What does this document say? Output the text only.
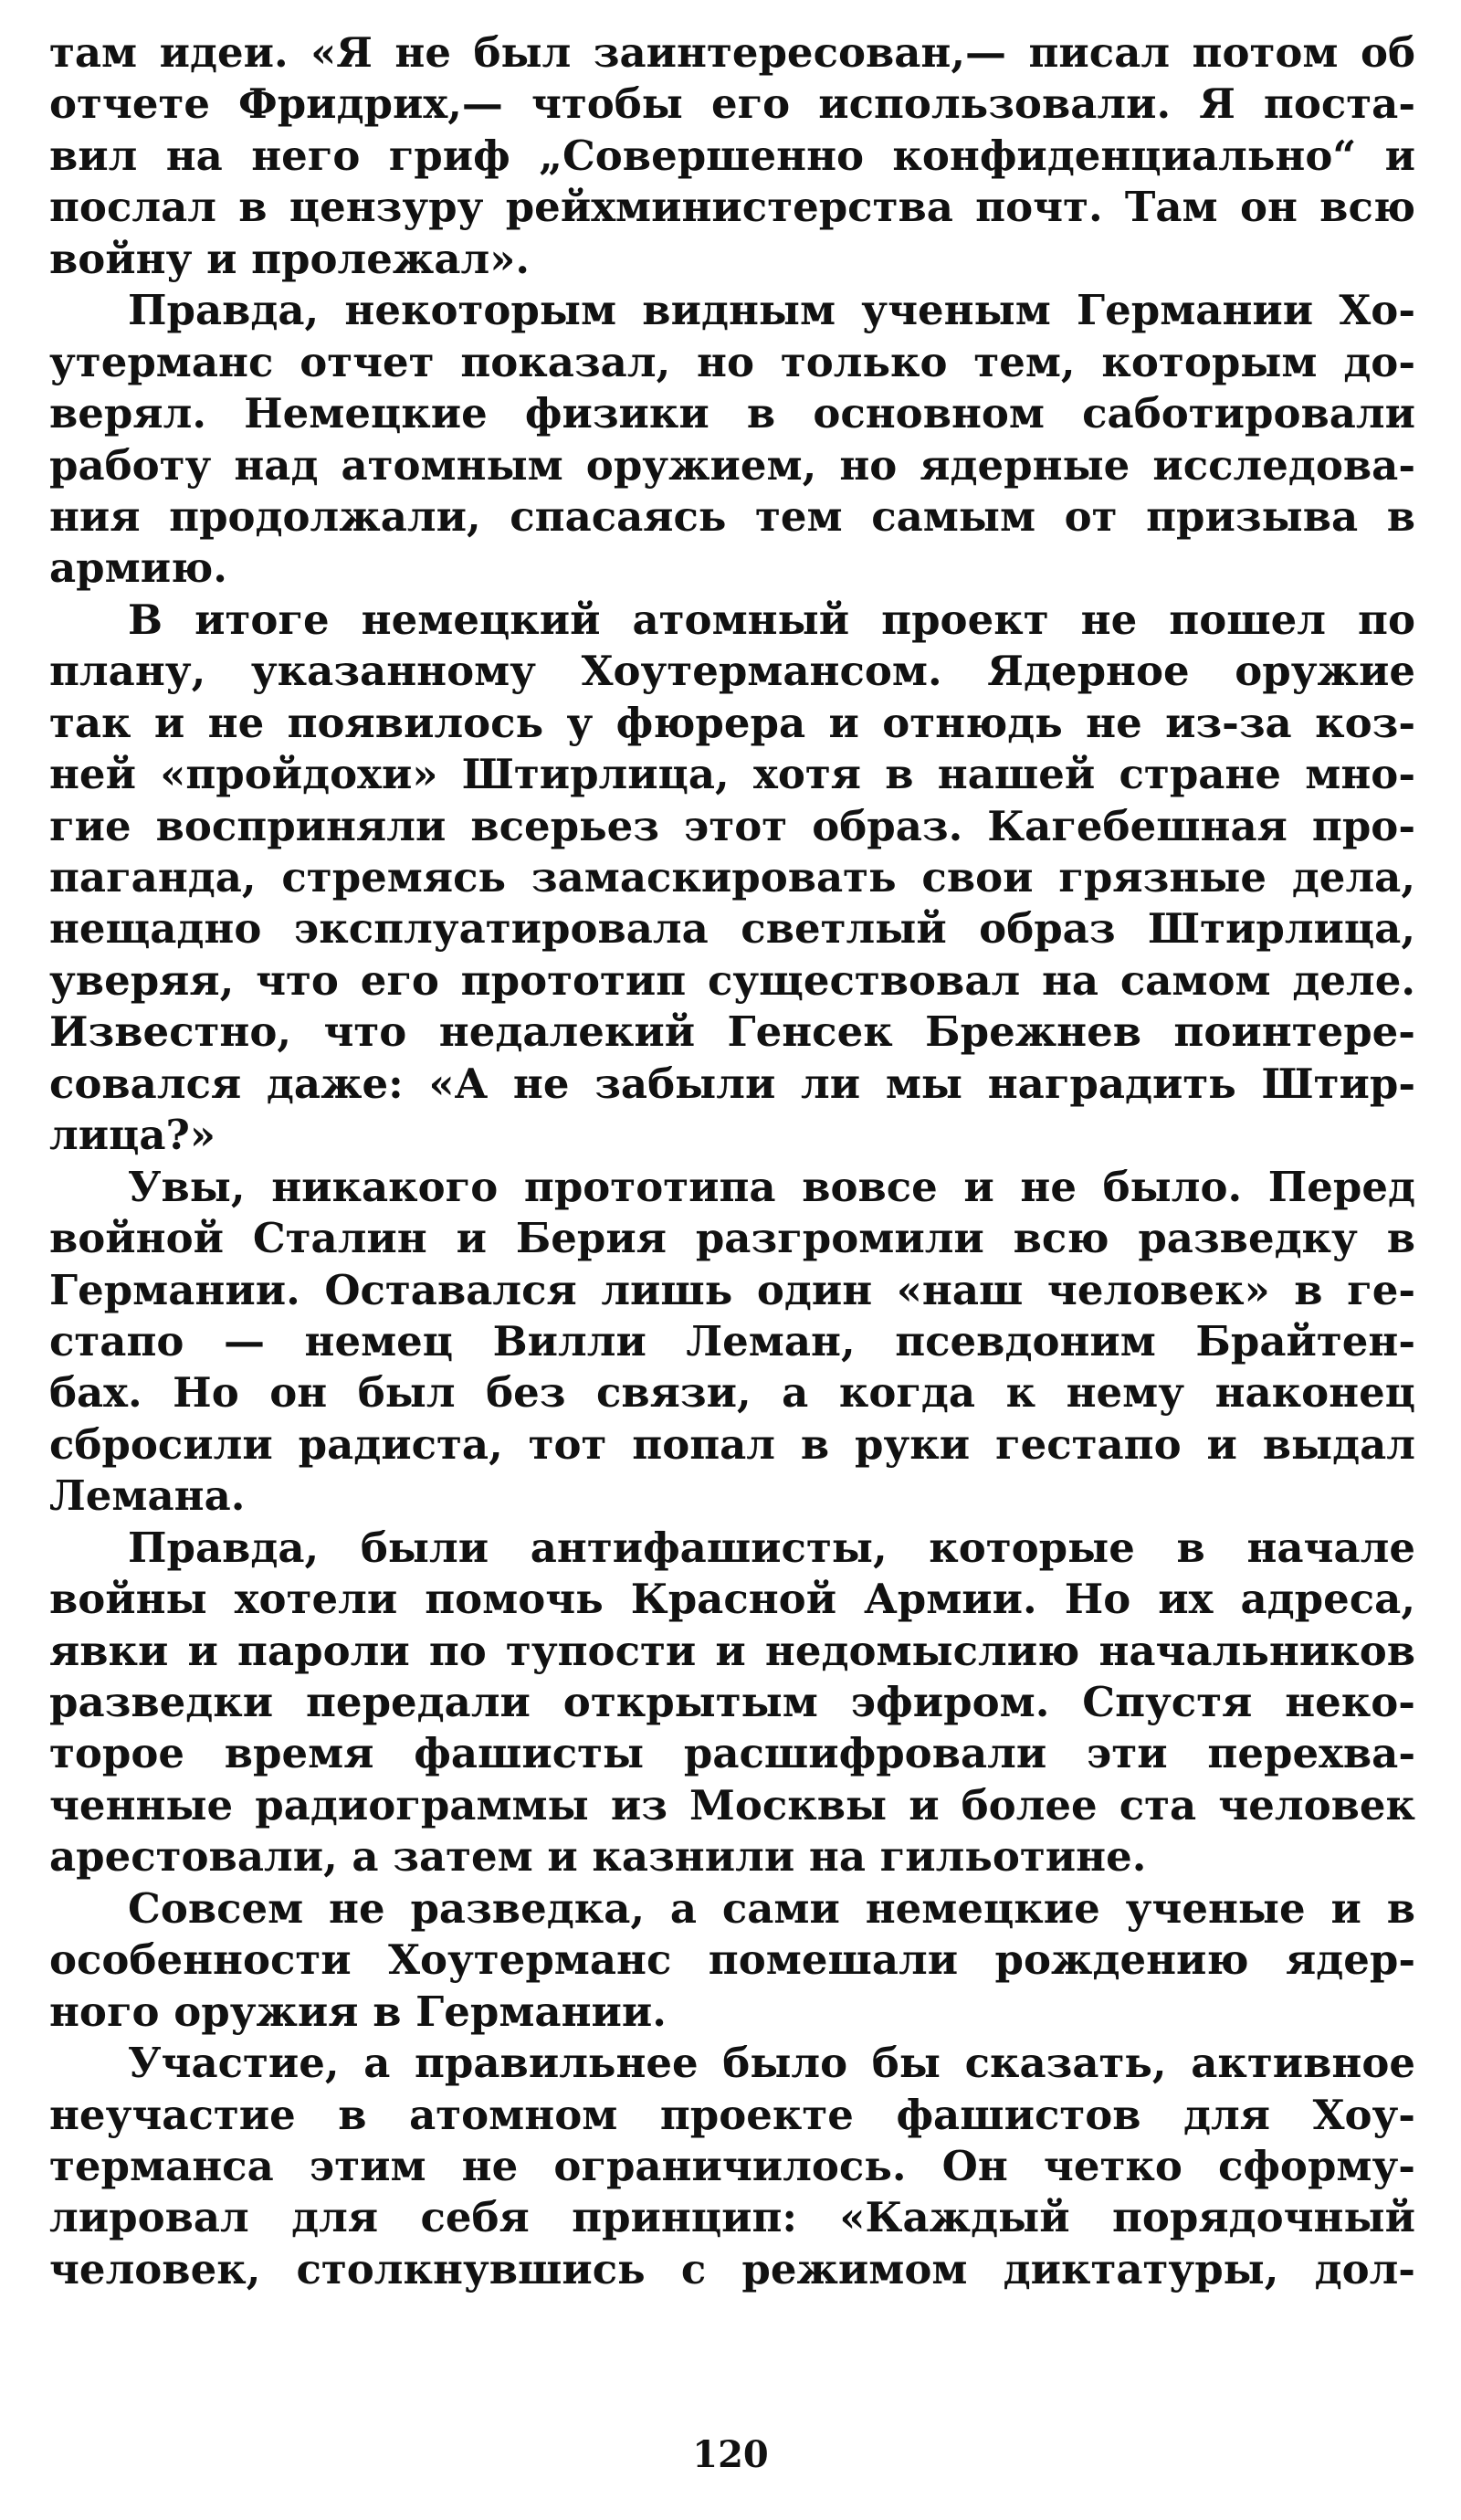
там идеи. «Я не был заинтересован,— писал потом об
отчете Фридрих,— чтобы его использовали. Я поста-
вил на него гриф „Совершенно конфиденциально“ и
послал в цензуру рейхминистерства почт. Там он всю
войну и пролежал».
Правда, некоторым видным ученым Германии Хо-
утерманс отчет показал, но только тем, которым до-
верял. Немецкие физики в основном саботировали
работу над атомным оружием, но ядерные исследова-
ния продолжали, спасаясь тем самым от призыва в
армию.
В итоге немецкий атомный проект не пошел по
плану, указанному Хоутермансом. Ядерное оружие
так и не появилось у фюрера и отнюдь не из-за коз-
ней «пройдохи» Штирлица, хотя в нашей стране мно-
гие восприняли всерьез этот образ. Кагебешная про-
паганда, стремясь замаскировать свои грязные дела,
нещадно эксплуатировала светлый образ Штирлица,
уверяя, что его прототип существовал на самом деле.
Известно, что недалекий Генсек Брежнев поинтере-
совался даже: «А не забыли ли мы наградить Штир-
лица?»
Увы, никакого прототипа вовсе и не было. Перед
войной Сталин и Берия разгромили всю разведку в
Германии. Оставался лишь один «наш человек» в ге-
стапо — немец Вилли Леман, псевдоним Брайтен-
бах. Но он был без связи, а когда к нему наконец
сбросили радиста, тот попал в руки гестапо и выдал
Лемана.
Правда, были антифашисты, которые в начале
войны хотели помочь Красной Армии. Но их адреса,
явки и пароли по тупости и недомыслию начальников
разведки передали открытым эфиром. Спустя неко-
торое время фашисты расшифровали эти перехва-
ченные радиограммы из Москвы и более ста человек
арестовали, а затем и казнили на гильотине.
Совсем не разведка, а сами немецкие ученые и в
особенности Хоутерманс помешали рождению ядер-
ного оружия в Германии.
Участие, а правильнее было бы сказать, активное
неучастие в атомном проекте фашистов для Хоу-
терманса этим не ограничилось. Он четко сформу-
лировал для себя принцип: «Каждый порядочный
человек, столкнувшись с режимом диктатуры, дол-
120
